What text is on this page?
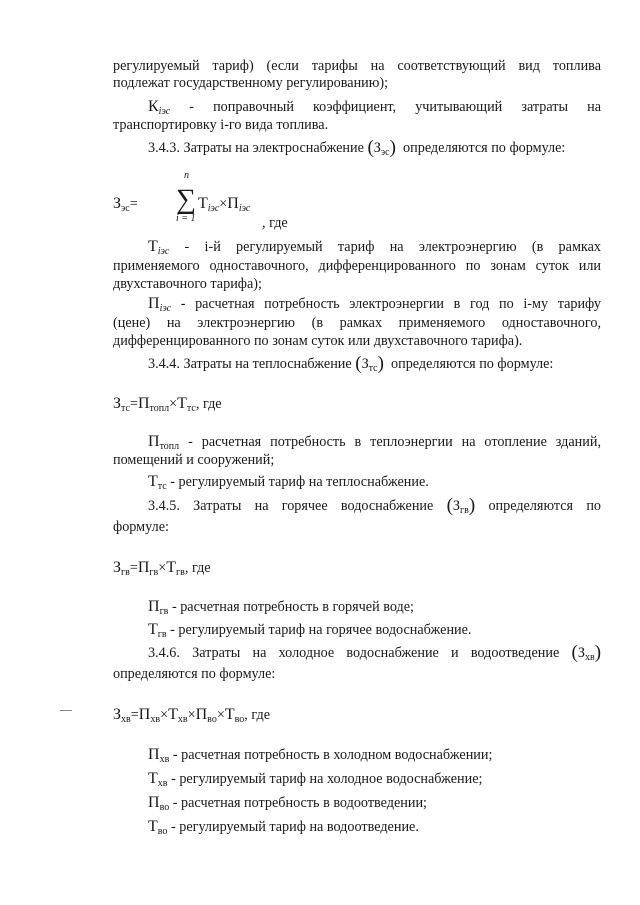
регулируемый тариф) (если тарифы на соответствующий вид топлива
подлежат государственному регулированию);
$К_{iэс}$ - поправочный коэффициент, учитывающий затраты на
транспортировку i-го вида топлива.
3.4.3. Затраты на электроснабжение $(З_{эс})$ определяются по формуле:
$З_{эс}=$
n
∑
i = 1
$Т_{iэс}\times П_{iэс}$
, где
$Т_{iэс} - i-й$ регулируемый тариф на электроэнергию (в рамках
применяемого одноставочного, дифференцированного по зонам суток или
двухставочного тарифа);
$П_{iэс}$ - расчетная потребность электроэнергии в год по i-му тарифу
(цене) на электроэнергию (в рамках применяемого одноставочного,
дифференцированного по зонам суток или двухставочного тарифа).
3.4.4. Затраты на теплоснабжение $(З_{тс})$ определяются по формуле:
$З_{тс}=П_{топл}\times Т_{тс}$, где
$П_{топл}$ - расчетная потребность в теплоэнергии на отопление зданий,
помещений и сооружений;
$Т_{тс}$ - регулируемый тариф на теплоснабжение.
3.4.5. Затраты на горячее водоснабжение $(З_{гв})$ определяются по
формуле:
$З_{гв}=П_{гв}\times Т_{гв}$, где
$П_{гв}$ - расчетная потребность в горячей воде;
$Т_{гв}$ - регулируемый тариф на горячее водоснабжение.
3.4.6. Затраты на холодное водоснабжение и водоотведение $(З_{хв})$
определяются по формуле:
$З_{хв}=П_{хв}\times Т_{хв}\times П_{во}\times Т_{во}$, где
$П_{хв}$ - расчетная потребность в холодном водоснабжении;
$Т_{хв}$ - регулируемый тариф на холодное водоснабжение;
$П_{во}$ - расчетная потребность в водоотведении;
$Т_{во}$ - регулируемый тариф на водоотведение.
